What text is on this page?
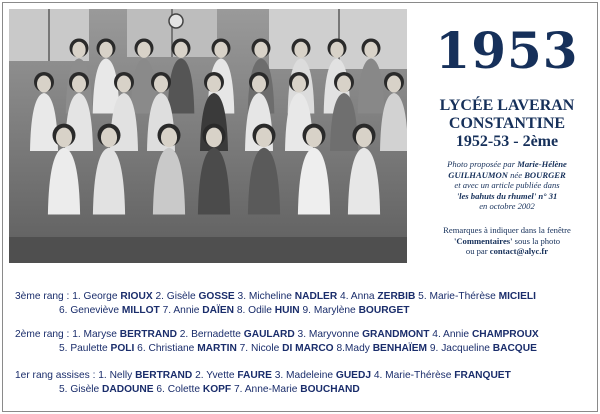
1953
LYCÉE LAVERAN
CONSTANTINE
1952-53 - 2ème
Photo proposée par Marie-Hélène GUILHAUMON née BOURGER
et avec un article publiée dans
'les bahuts du rhumel' n° 31
en octobre 2002
Remarques à indiquer dans la fenêtre
'Commentaires' sous la photo
ou par contact@alyc.fr
3ème rang : 1. George RIOUX 2. Gisèle GOSSE 3. Micheline NADLER 4. Anna ZERBIB 5. Marie-Thérèse MICIELI
6. Geneviève MILLOT 7. Annie DAÏEN 8. Odile HUIN 9. Marylène BOURGET
2ème rang : 1. Maryse BERTRAND 2. Bernadette GAULARD 3. Maryvonne GRANDMONT 4. Annie CHAMPROUX
5. Paulette POLI 6. Christiane MARTIN 7. Nicole DI MARCO 8.Mady BENHAÏEM 9. Jacqueline BACQUE
1er rang assises : 1. Nelly BERTRAND 2. Yvette FAURE 3. Madeleine GUEDJ 4. Marie-Thérèse FRANQUET
5. Gisèle DADOUNE 6. Colette KOPF 7. Anne-Marie BOUCHAND
